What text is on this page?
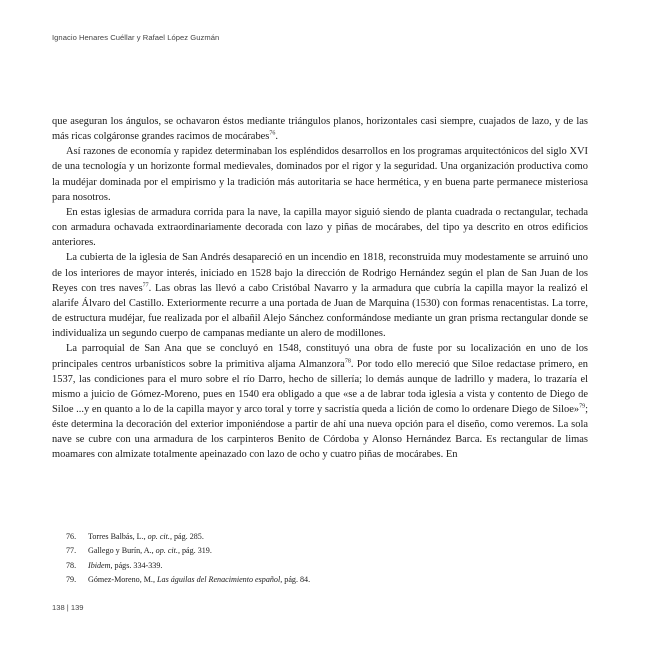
Ignacio Henares Cuéllar y Rafael López Guzmán

que aseguran los ángulos, se ochavaron éstos mediante triángulos planos, horizontales casi siempre, cuajados de lazo, y de las más ricas colgáronse grandes racimos de mocárabes$^{76}$.

Así razones de economía y rapidez determinaban los espléndidos desarrollos en los programas arquitectónicos del siglo XVI de una tecnología y un horizonte formal medievales, dominados por el rigor y la seguridad. Una organización productiva como la mudéjar dominada por el empirismo y la tradición más autoritaria se hace hermética, y en buena parte permanece misteriosa para nosotros.

En estas iglesias de armadura corrida para la nave, la capilla mayor siguió siendo de planta cuadrada o rectangular, techada con armadura ochavada extraordinariamente decorada con lazo y piñas de mocárabes, del tipo ya descrito en otros edificios anteriores.

La cubierta de la iglesia de San Andrés desapareció en un incendio en 1818, reconstruida muy modestamente se arruinó uno de los interiores de mayor interés, iniciado en 1528 bajo la dirección de Rodrigo Hernández según el plan de San Juan de los Reyes con tres naves$^{77}$. Las obras las llevó a cabo Cristóbal Navarro y la armadura que cubría la capilla mayor la realizó el alarife Álvaro del Castillo. Exteriormente recurre a una portada de Juan de Marquina (1530) con formas renacentistas. La torre, de estructura mudéjar, fue realizada por el albañil Alejo Sánchez conformándose mediante un gran prisma rectangular donde se individualiza un segundo cuerpo de campanas mediante un alero de modillones.

La parroquial de San Ana que se concluyó en 1548, constituyó una obra de fuste por su localización en uno de los principales centros urbanísticos sobre la primitiva aljama Almanzora$^{78}$. Por todo ello mereció que Siloe redactase primero, en 1537, las condiciones para el muro sobre el río Darro, hecho de sillería; lo demás aunque de ladrillo y madera, lo trazaría el mismo a juicio de Gómez-Moreno, pues en 1540 era obligado a que «se a de labrar toda iglesia a vista y contento de Diego de Siloe ...y en quanto a lo de la capilla mayor y arco toral y torre y sacristía queda a lición de como lo ordenare Diego de Siloe»$^{79}$; éste determina la decoración del exterior imponiéndose a partir de ahí una nueva opción para el diseño, como veremos. La sola nave se cubre con una armadura de los carpinteros Benito de Córdoba y Alonso Hernández Barca. Es rectangular de limas moamares con almizate totalmente apeinazado con lazo de ocho y cuatro piñas de mocárabes. En

76.	Torres Balbás, L., op. cit., pág. 285.
77.	Gallego y Burín, A., op. cit., pág. 319.
78.	Ibidem, págs. 334-339.
79.	Gómez-Moreno, M., Las águilas del Renacimiento español, pág. 84.
138 | 139
